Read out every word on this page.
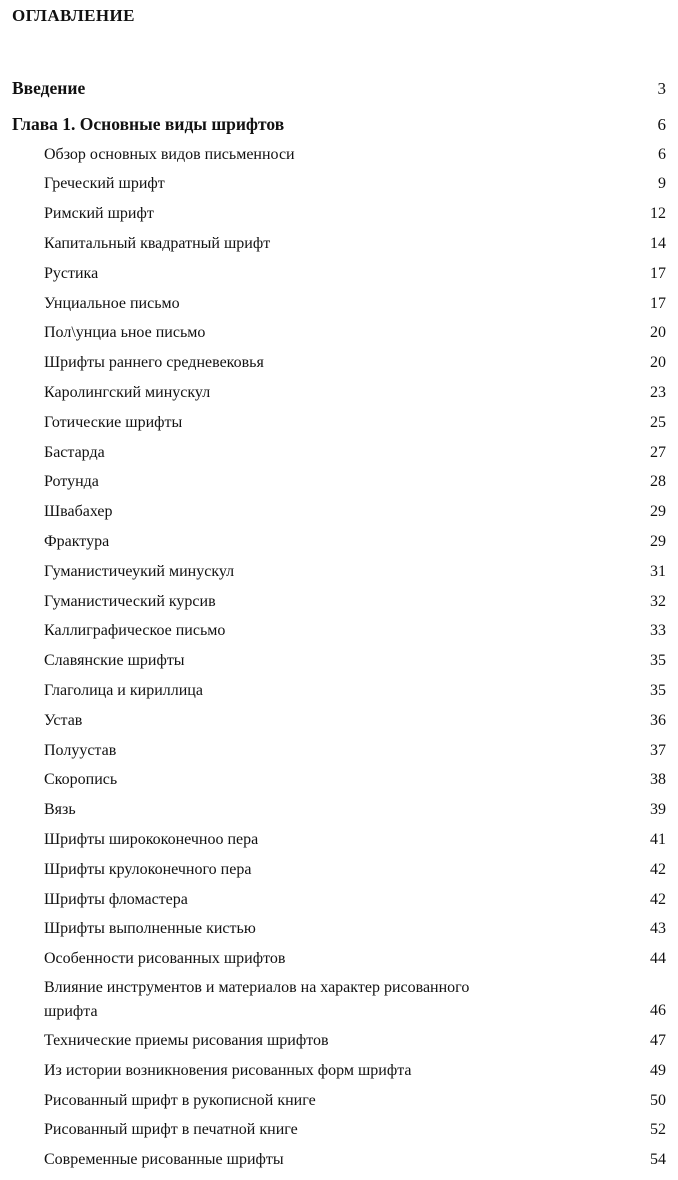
ОГЛАВЛЕНИЕ
Введение	3
Глава 1. Основные виды шрифтов	6
Обзор основных видов письменноси	6
Греческий шрифт	9
Римский шрифт	12
Капитальный квадратный шрифт	14
Рустика	17
Унциальное письмо	17
Пол\унциа ьное письмо	20
Шрифты раннего средневековья	20
Каролингский минускул	23
Готические шрифты	25
Бастарда	27
Ротунда	28
Швабахер	29
Фрактура	29
Гуманистичеукий минускул	31
Гуманистический курсив	32
Каллиграфическое письмо	33
Славянские шрифты	35
Глаголица и кириллица	35
Устав	36
Полуустав	37
Скоропись	38
Вязь	39
Шрифты ширококонечноо пера	41
Шрифты крулоконечного пера	42
Шрифты фломастера	42
Шрифты выполненные кистью	43
Особенности рисованных шрифтов	44
Влияние инструментов и материалов на характер рисованного шрифта	46
Технические приемы рисования шрифтов	47
Из истории возникновения рисованных форм шрифта	49
Рисованный шрифт в рукописной книге	50
Рисованный шрифт в печатной книге	52
Современные рисованные шрифты	54
